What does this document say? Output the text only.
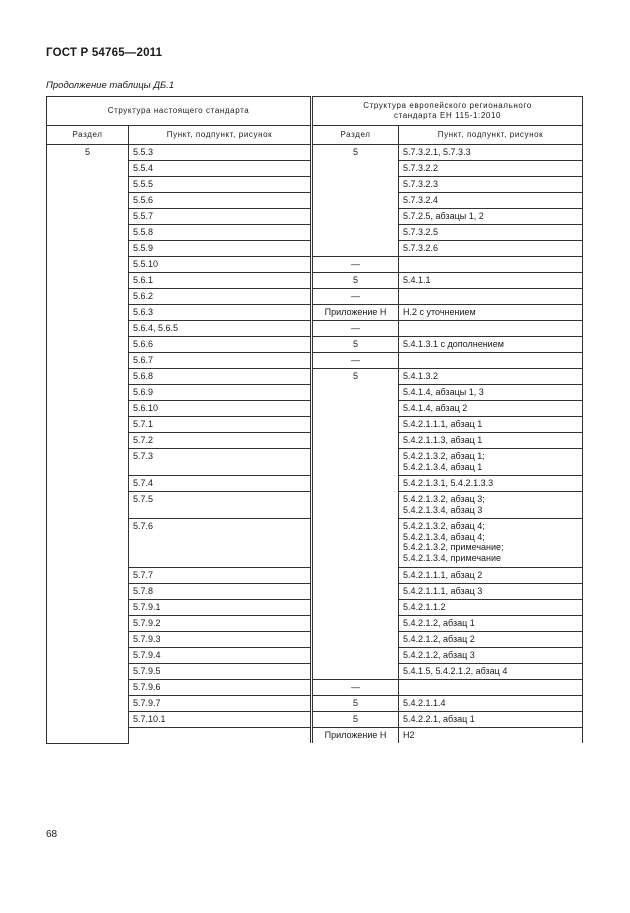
ГОСТ Р 54765—2011
Продолжение таблицы ДБ.1
Структура настоящего стандарта		Структура европейского регионального
стандарта ЕН 115-1:2010	

Раздел	Пункт, подпункт, рисунок	Раздел	Пункт, подпункт, рисунок
5	5.5.3	5	5.7.3.2.1, 5.7.3.3

	5.5.4		5.7.3.2.2

	5.5.5		5.7.3.2.3

	5.5.6		5.7.3.2.4

	5.5.7		5.7.2.5, абзацы 1, 2

	5.5.8		5.7.3.2.5

	5.5.9		5.7.3.2.6

	5.5.10	—	

	5.6.1	5	5.4.1.1

	5.6.2	—	

	5.6.3	Приложение Н	Н.2 с уточнением

	5.6.4, 5.6.5	—	

	5.6.6	5	5.4.1.3.1 с дополнением

	5.6.7	—	

	5.6.8	5	5.4.1.3.2

	5.6.9		5.4.1.4, абзацы 1, 3

	5.6.10		5.4.1.4, абзац 2

	5.7.1		5.4.2.1.1.1, абзац 1

	5.7.2		5.4.2.1.1.3, абзац 1

	5.7.3		5.4.2.1.3.2, абзац 1;
5.4.2.1.3.4, абзац 1

	5.7.4		5.4.2.1.3.1, 5.4.2.1.3.3

	5.7.5		5.4.2.1.3.2, абзац 3;
5.4.2.1.3.4, абзац 3

	5.7.6		5.4.2.1.3.2, абзац 4;
5.4.2.1.3.4, абзац 4;
5.4.2.1.3.2, примечание;
5.4.2.1.3.4, примечание

	5.7.7		5.4.2.1.1.1, абзац 2

	5.7.8		5.4.2.1.1.1, абзац 3

	5.7.9.1		5.4.2.1.1.2

	5.7.9.2		5.4.2.1.2, абзац 1

	5.7.9.3		5.4.2.1.2, абзац 2

	5.7.9.4		5.4.2.1.2, абзац 3

	5.7.9.5		5.4.1.5, 5.4.2.1.2, абзац 4

	5.7.9.6	—	

	5.7.9.7	5	5.4.2.1.1.4

	5.7.10.1	5	5.4.2.2.1, абзац 1

		Приложение Н	Н2
68
